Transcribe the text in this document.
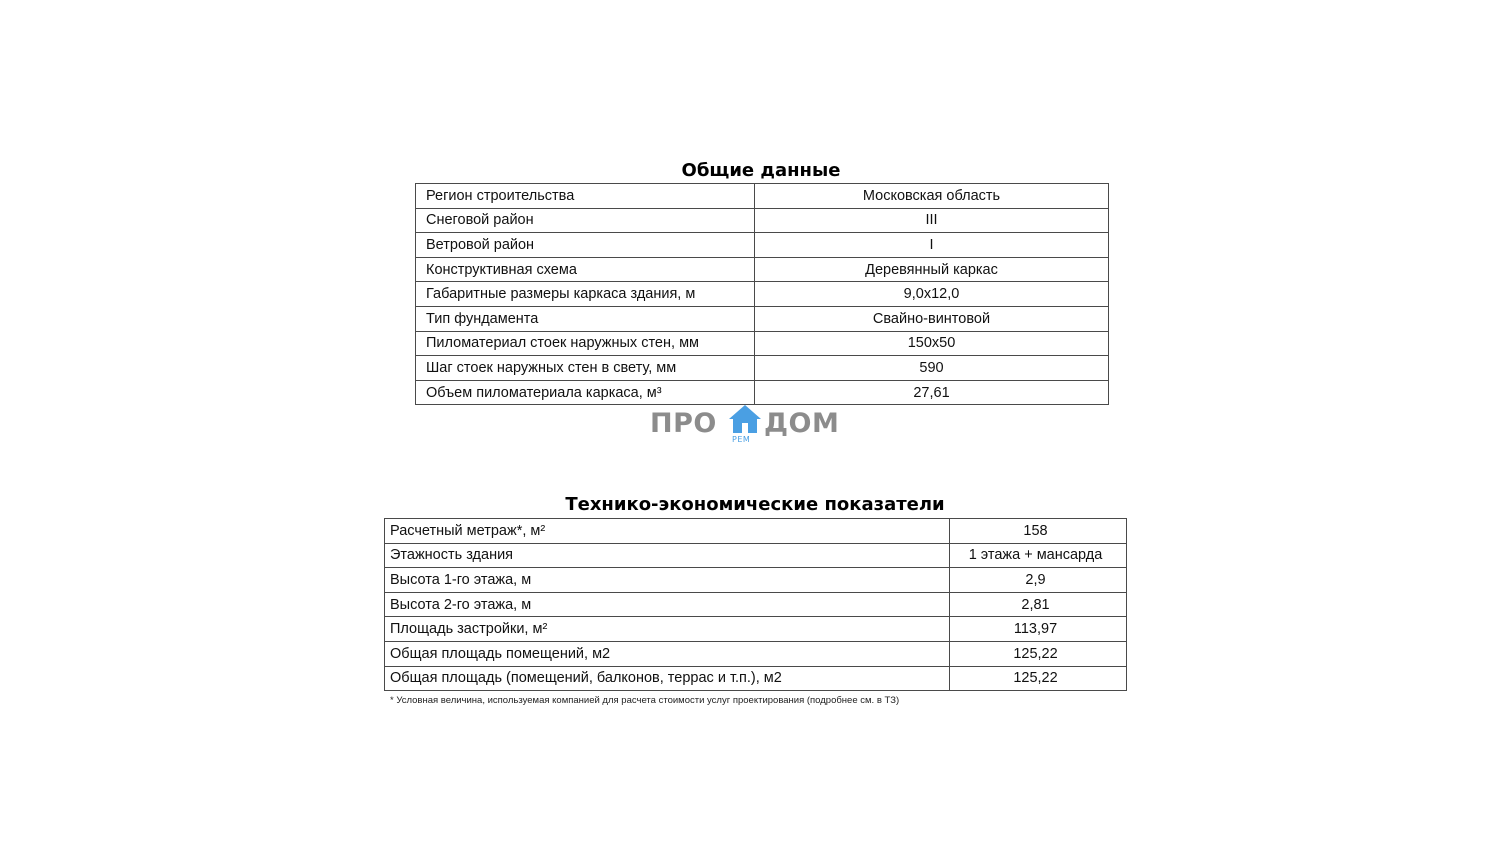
Общие данные
Регион строительства	Московская область
Снеговой район	III
Ветровой район	I
Конструктивная схема	Деревянный каркас
Габаритные размеры каркаса здания, м	9,0х12,0
Тип фундамента	Свайно-винтовой
Пиломатериал стоек наружных стен, мм	150х50
Шаг стоек наружных стен в свету, мм	590
Объем пиломатериала каркаса, м³	27,61
ПРО
РЕМ
ДОМ
Технико-экономические показатели
Расчетный метраж*, м²	158
Этажность здания	1 этажа + мансарда
Высота 1-го этажа, м	2,9
Высота 2-го этажа, м	2,81
Площадь застройки, м²	113,97
Общая площадь помещений, м2	125,22
Общая площадь (помещений, балконов, террас и т.п.), м2	125,22

* Условная величина, используемая компанией для расчета стоимости услуг проектирования (подробнее см. в ТЗ)
